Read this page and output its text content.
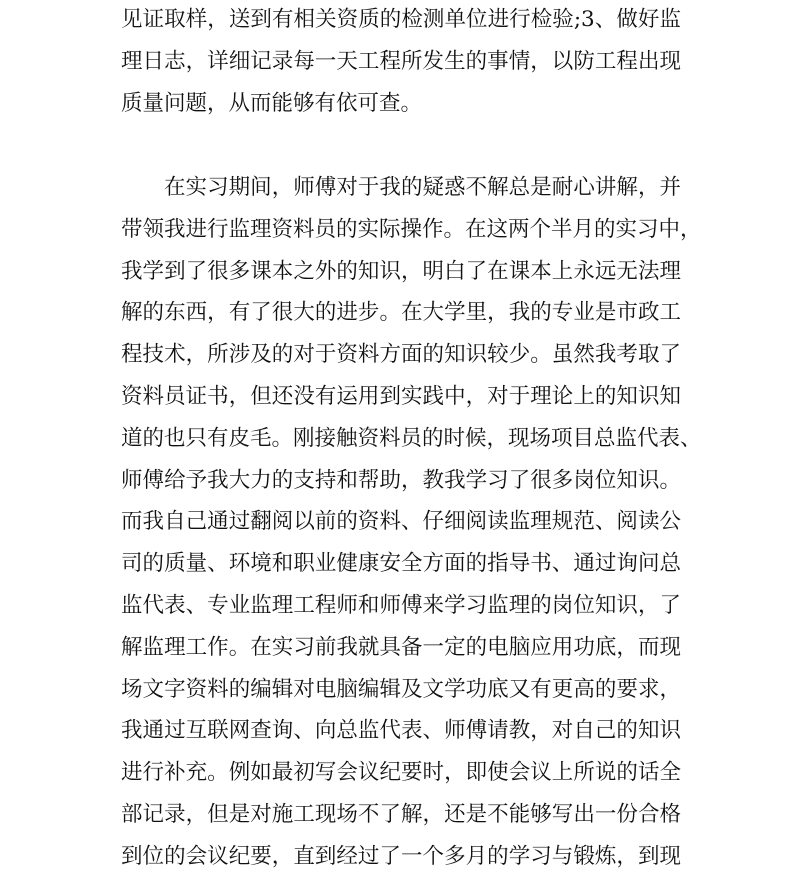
见证取样，送到有相关资质的检测单位进行检验;3、做好监
理日志，详细记录每一天工程所发生的事情，以防工程出现
质量问题，从而能够有依可查。
在实习期间，师傅对于我的疑惑不解总是耐心讲解，并
带领我进行监理资料员的实际操作。在这两个半月的实习中，
我学到了很多课本之外的知识，明白了在课本上永远无法理
解的东西，有了很大的进步。在大学里，我的专业是市政工
程技术，所涉及的对于资料方面的知识较少。虽然我考取了
资料员证书，但还没有运用到实践中，对于理论上的知识知
道的也只有皮毛。刚接触资料员的时候，现场项目总监代表、
师傅给予我大力的支持和帮助，教我学习了很多岗位知识。
而我自己通过翻阅以前的资料、仔细阅读监理规范、阅读公
司的质量、环境和职业健康安全方面的指导书、通过询问总
监代表、专业监理工程师和师傅来学习监理的岗位知识，了
解监理工作。在实习前我就具备一定的电脑应用功底，而现
场文字资料的编辑对电脑编辑及文学功底又有更高的要求，
我通过互联网查询、向总监代表、师傅请教，对自己的知识
进行补充。例如最初写会议纪要时，即使会议上所说的话全
部记录，但是对施工现场不了解，还是不能够写出一份合格
到位的会议纪要，直到经过了一个多月的学习与锻炼，到现
